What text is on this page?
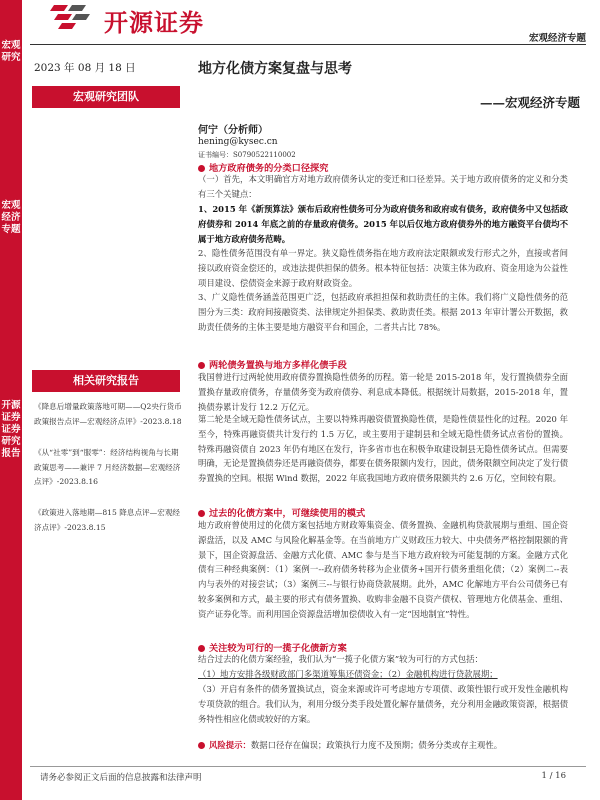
宏观研究
宏观经济专题
开源证券 证券研究报告
开源证券
宏观经济专题
2023 年 08 月 18 日	地方化债方案复盘与思考
——宏观经济专题
宏观研究团队
何宁（分析师）
hening@kysec.cn
证书编号：S0790522110002
相关研究报告
《降息后增量政策落地可期——Q2央行货币政策报告点评—宏观经济点评》-2023.8.18
《从“社零”到“服零”：经济结构视角与长期政策思考——兼评 7 月经济数据—宏观经济点评》-2023.8.16
《政策进入落地期—815 降息点评—宏观经济点评》-2023.8.15
地方政府债务的分类口径探究
（一）首先，本文明确官方对地方政府债务认定的变迁和口径差异。关于地方政府债务的定义和分类有三个关键点：
1、2015 年《新预算法》颁布后政府性债务可分为政府债务和政府或有债务，政府债务中又包括政府债券和 2014 年底之前的存量政府债务。2015 年以后仅地方政府债券外的地方融资平台债均不属于地方政府债务范畴。
2、隐性债务范围没有单一界定。狭义隐性债务指在地方政府法定限额或发行形式之外，直接或者间接以政府资金偿还的，或违法提供担保的债务。根本特征包括：决策主体为政府、资金用途为公益性项目建设、偿债资金来源于政府财政资金。
3、广义隐性债务涵盖范围更广泛，包括政府承担担保和救助责任的主体。我们将广义隐性债务的范围分为三类：政府间接融资类、法律规定外担保类、救助责任类。根据 2013 年审计署公开数据，救助责任债务的主体主要是地方融资平台和国企，二者共占比 78%。
两轮债务置换与地方多样化债手段
我国曾进行过两轮使用政府债券置换隐性债务的历程。第一轮是 2015-2018 年，发行置换债券全面置换存量政府债务，存量债务变为政府债券、利息成本降低。根据统计局数据，2015-2018 年，置换债券累计发行 12.2 万亿元。
第二轮是全域无隐性债务试点，主要以特殊再融资债置换隐性债，是隐性债显性化的过程。2020 年至今，特殊再融资债共计发行约 1.5 万亿，或主要用于建制县和全域无隐性债务试点省份的置换。特殊再融资债自 2023 年仍有地区在发行，许多省市也在积极争取建设制县无隐性债务试点。但需要明确，无论是置换债券还是再融资债券，都要在债务限额内发行，因此，债务限额空间决定了发行债券置换的空间。根据 Wind 数据，2022 年底我国地方政府债务限额共约 2.6 万亿，空间较有限。
过去的化债方案中，可继续使用的模式
地方政府曾使用过的化债方案包括地方财政筹集资金、债务置换、金融机构贷款展期与重组、国企资源盘活，以及 AMC 与风险化解基金等。在当前地方广义财政压力较大、中央债务严格控制限额的背景下，国企资源盘活、金融方式化债、AMC 参与是当下地方政府较为可能复制的方案。金融方式化债有三种经典案例：（1）案例一--政府债务转移为企业债务+国开行债务重组化债；（2）案例二--表内与表外的对接尝试；（3）案例三--与银行协商贷款展期。此外，AMC 化解地方平台公司债务已有较多案例和方式，最主要的形式有债务置换、收购非金融不良资产债权、管理地方化债基金、重组、资产证券化等。而利用国企资源盘活增加偿债收入有一定“因地制宜”特性。
关注较为可行的一揽子化债新方案
结合过去的化债方案经验，我们认为“一揽子化债方案”较为可行的方式包括：
（1）地方安排各级财政部门多渠道筹集还债资金；（2）金融机构进行贷款展期；
（3）开启有条件的债务置换试点，资金来源或许可考虑地方专项债、政策性银行或开发性金融机构专项贷款的组合。我们认为，利用分级分类手段处置化解存量债务，充分利用金融政策资源，根据债务特性相应化债或较好的方案。
风险提示：数据口径存在偏误；政策执行力度不及预期；债务分类或存主观性。
请务必参阅正文后面的信息披露和法律声明	1 / 16
